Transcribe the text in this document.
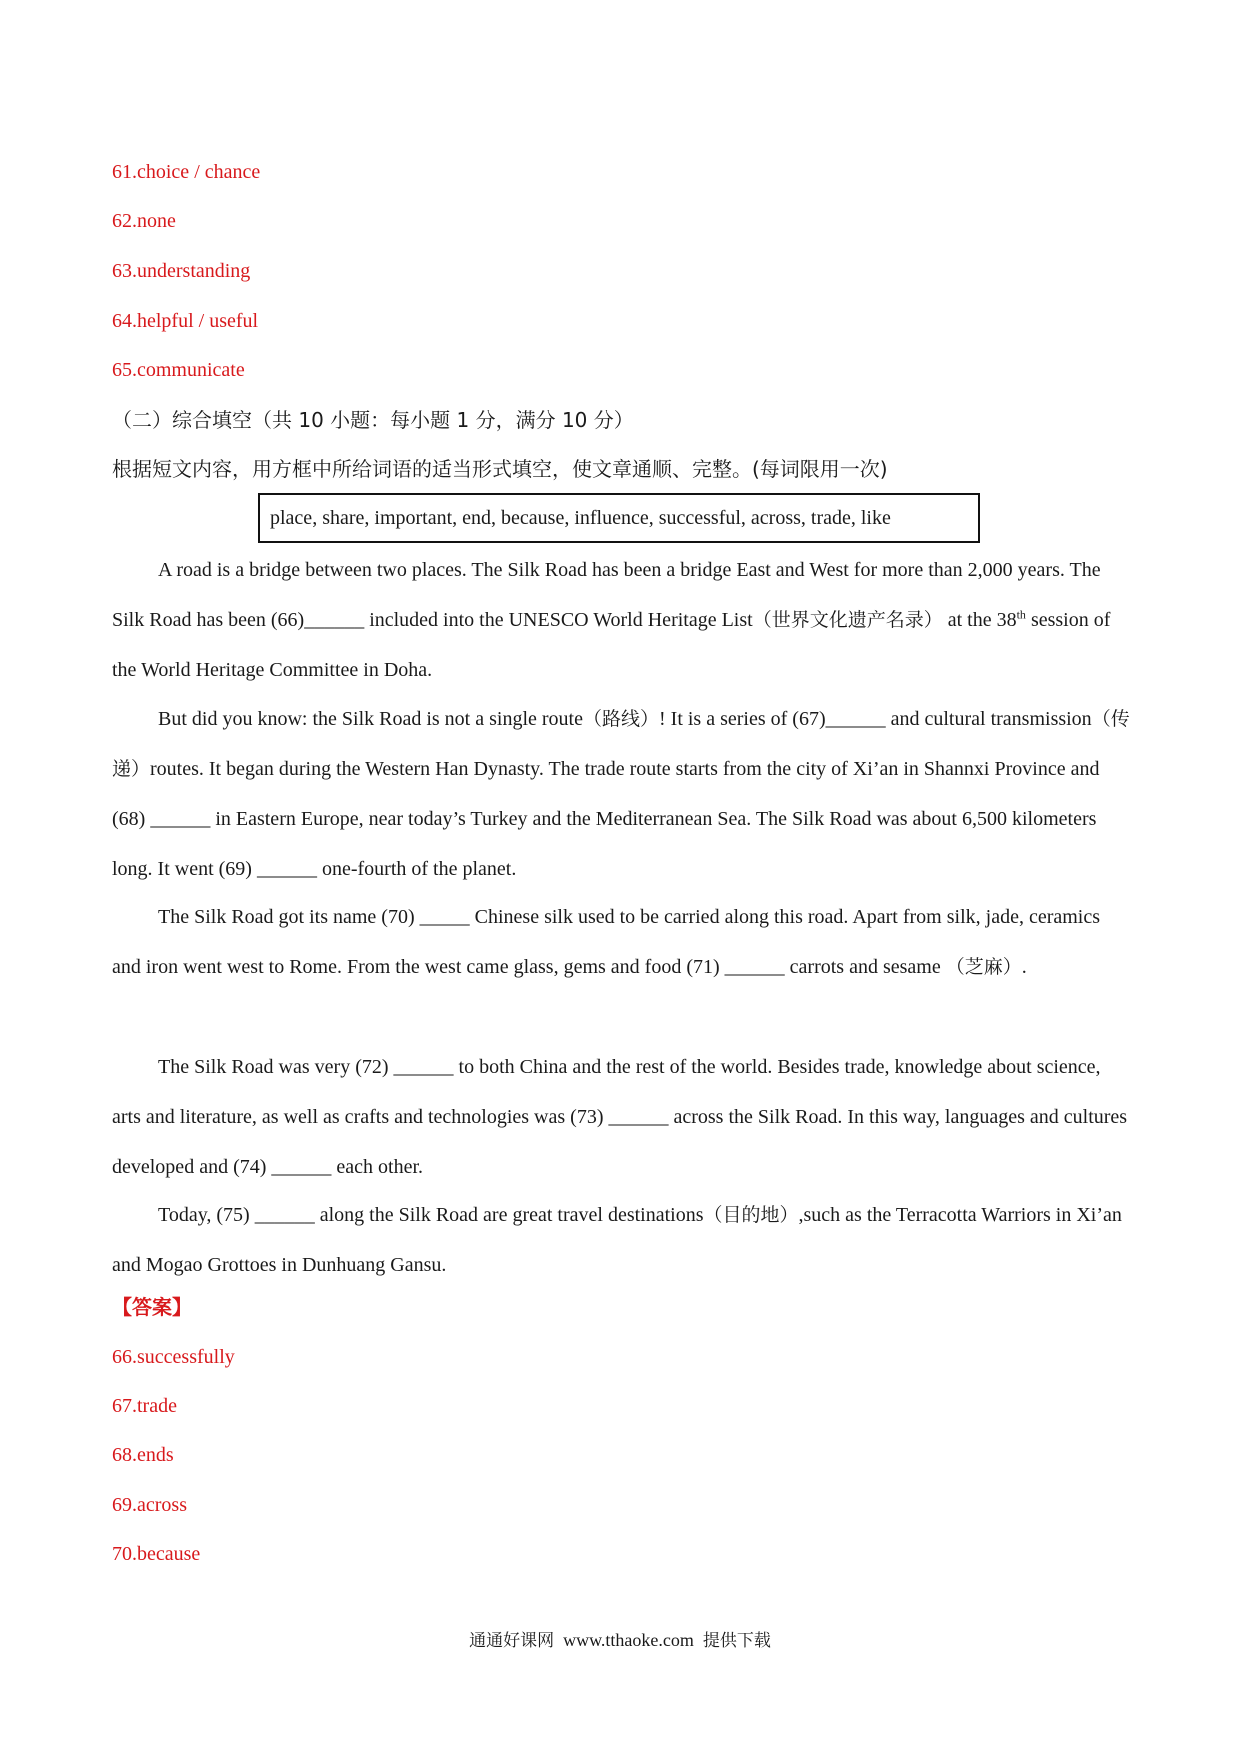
61.choice / chance
62.none
63.understanding
64.helpful / useful
65.communicate
（二）综合填空（共 10 小题：每小题 1 分，满分 10 分）
根据短文内容，用方框中所给词语的适当形式填空，使文章通顺、完整。(每词限用一次)
place, share, important, end, because, influence, successful, across, trade, like

A road is a bridge between two places. The Silk Road has been a bridge East and West for more than 2,000 years. The Silk Road has been (66)______ included into the UNESCO World Heritage List（世界文化遗产名录） at the 38th session of the World Heritage Committee in Doha.

But did you know: the Silk Road is not a single route（路线）! It is a series of (67)______ and cultural transmission（传递）routes. It began during the Western Han Dynasty. The trade route starts from the city of Xi’an in Shannxi Province and (68) ______ in Eastern Europe, near today’s Turkey and the Mediterranean Sea. The Silk Road was about 6,500 kilometers long. It went (69) ______ one-fourth of the planet.

The Silk Road got its name (70) _____ Chinese silk used to be carried along this road. Apart from silk, jade, ceramics and iron went west to Rome. From the west came glass, gems and food (71) ______ carrots and sesame （芝麻）.

The Silk Road was very (72) ______ to both China and the rest of the world. Besides trade, knowledge about science, arts and literature, as well as crafts and technologies was (73) ______ across the Silk Road. In this way, languages and cultures developed and (74) ______ each other.

Today, (75) ______ along the Silk Road are great travel destinations（目的地）,such as the Terracotta Warriors in Xi’an and Mogao Grottoes in Dunhuang Gansu.

【答案】
66.successfully
67.trade
68.ends
69.across
70.because
通通好课网 www.tthaoke.com 提供下载
